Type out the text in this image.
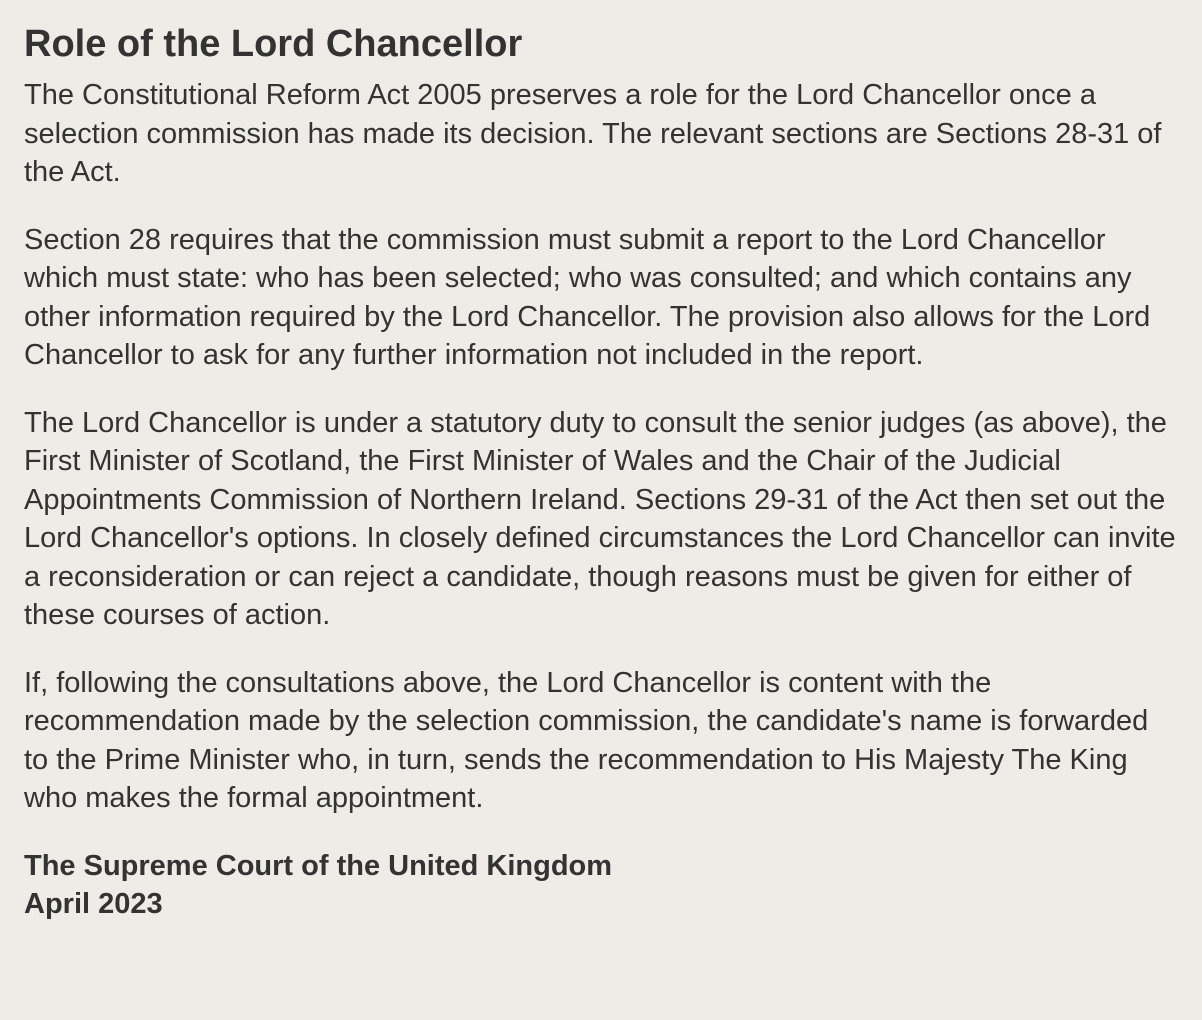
Role of the Lord Chancellor

The Constitutional Reform Act 2005 preserves a role for the Lord Chancellor once a selection commission has made its decision. The relevant sections are Sections 28-31 of the Act.

Section 28 requires that the commission must submit a report to the Lord Chancellor which must state: who has been selected; who was consulted; and which contains any other information required by the Lord Chancellor. The provision also allows for the Lord Chancellor to ask for any further information not included in the report.

The Lord Chancellor is under a statutory duty to consult the senior judges (as above), the First Minister of Scotland, the First Minister of Wales and the Chair of the Judicial Appointments Commission of Northern Ireland. Sections 29-31 of the Act then set out the Lord Chancellor's options. In closely defined circumstances the Lord Chancellor can invite a reconsideration or can reject a candidate, though reasons must be given for either of these courses of action.

If, following the consultations above, the Lord Chancellor is content with the recommendation made by the selection commission, the candidate's name is forwarded to the Prime Minister who, in turn, sends the recommendation to His Majesty The King who makes the formal appointment.

The Supreme Court of the United Kingdom
April 2023
